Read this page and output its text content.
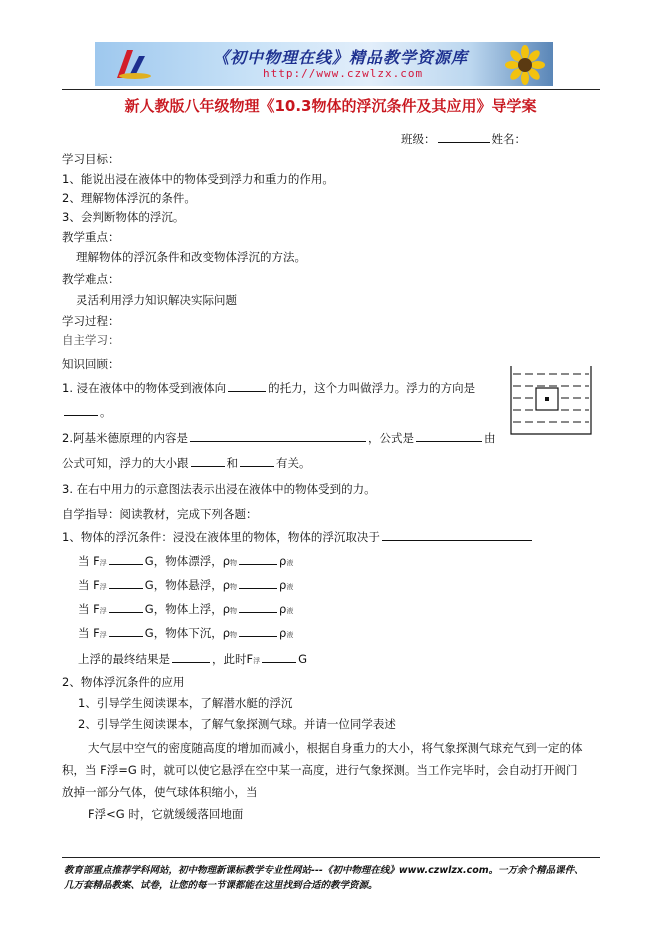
《初中物理在线》精品教学资源库
http://www.czwlzx.com
新人教版八年级物理《10.3物体的浮沉条件及其应用》导学案
班级：	姓名：
学习目标：
1、能说出浸在液体中的物体受到浮力和重力的作用。
2、理解物体浮沉的条件。
3、会判断物体的浮沉。
教学重点：
理解物体的浮沉条件和改变物体浮沉的方法。
教学难点：
灵活利用浮力知识解决实际问题
学习过程：
自主学习：
知识回顾：
1. 浸在液体中的物体受到液体向	的托力，这个力叫做浮力。浮力的方向是
。
2.阿基米德原理的内容是	，公式是	由
公式可知，浮力的大小跟	和	有关。
3. 在右中用力的示意图法表示出浸在液体中的物体受到的力。
自学指导：阅读教材，完成下列各题：
1、物体的浮沉条件：浸没在液体里的物体，物体的浮沉取决于
当 F浮	G，物体漂浮，ρ物	ρ液
当 F浮	G，物体悬浮，ρ物	ρ液
当 F浮	G，物体上浮，ρ物	ρ液
当 F浮	G，物体下沉，ρ物	ρ液
上浮的最终结果是	，此时F浮	G
2、物体浮沉条件的应用
1、引导学生阅读课本，了解潜水艇的浮沉
2、引导学生阅读课本，了解气象探测气球。并请一位同学表述
大气层中空气的密度随高度的增加而减小，根据自身重力的大小，将气象探测气球充气到一定的体
积，当 F浮=G 时，就可以使它悬浮在空中某一高度，进行气象探测。当工作完毕时，会自动打开阀门
放掉一部分气体，使气球体积缩小，当
F浮<G 时，它就缓缓落回地面
教育部重点推荐学科网站，初中物理新课标教学专业性网站---《初中物理在线》www.czwlzx.com。一万余个精品课件、
几万套精品教案、试卷，让您的每一节课都能在这里找到合适的教学资源。
